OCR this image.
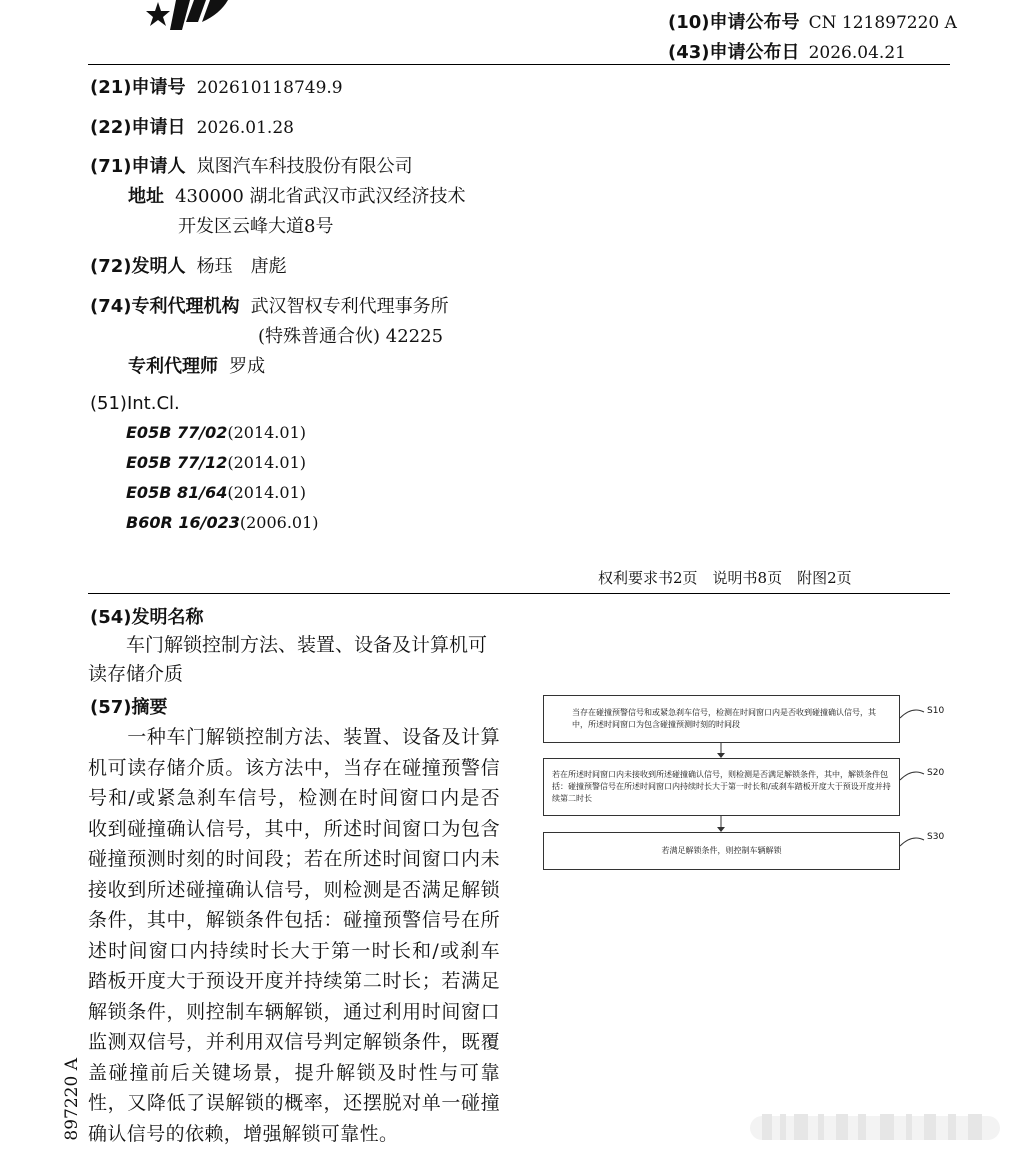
(10)申请公布号 CN 121897220 A
(43)申请公布日 2026.04.21
(21)申请号 202610118749.9
(22)申请日 2026.01.28
(71)申请人 岚图汽车科技股份有限公司
地址 430000 湖北省武汉市武汉经济技术
开发区云峰大道8号
(72)发明人 杨珏　唐彪
(74)专利代理机构 武汉智权专利代理事务所
(特殊普通合伙) 42225
专利代理师 罗成
(51)Int.Cl.
E05B 77/02(2014.01)
E05B 77/12(2014.01)
E05B 81/64(2014.01)
B60R 16/023(2006.01)
权利要求书2页　说明书8页　附图2页
(54)发明名称
车门解锁控制方法、装置、设备及计算机可读存储介质
(57)摘要
　　一种车门解锁控制方法、装置、设备及计算机可读存储介质。该方法中，当存在碰撞预警信号和/或紧急刹车信号，检测在时间窗口内是否收到碰撞确认信号，其中，所述时间窗口为包含碰撞预测时刻的时间段；若在所述时间窗口内未接收到所述碰撞确认信号，则检测是否满足解锁条件，其中，解锁条件包括：碰撞预警信号在所述时间窗口内持续时长大于第一时长和/或刹车踏板开度大于预设开度并持续第二时长；若满足解锁条件，则控制车辆解锁，通过利用时间窗口监测双信号，并利用双信号判定解锁条件，既覆盖碰撞前后关键场景，提升解锁及时性与可靠性，又降低了误解锁的概率，还摆脱对单一碰撞确认信号的依赖，增强解锁可靠性。
当存在碰撞预警信号和或紧急刹车信号，检测在时间窗口内是否收到碰撞确认信号，其中，所述时间窗口为包含碰撞预测时刻的时间段
若在所述时间窗口内未接收到所述碰撞确认信号，则检测是否满足解锁条件，其中，解锁条件包括：碰撞预警信号在所述时间窗口内持续时长大于第一时长和/或刹车踏板开度大于预设开度并持续第二时长
若满足解锁条件，则控制车辆解锁
S10
S20
S30
897220 A
